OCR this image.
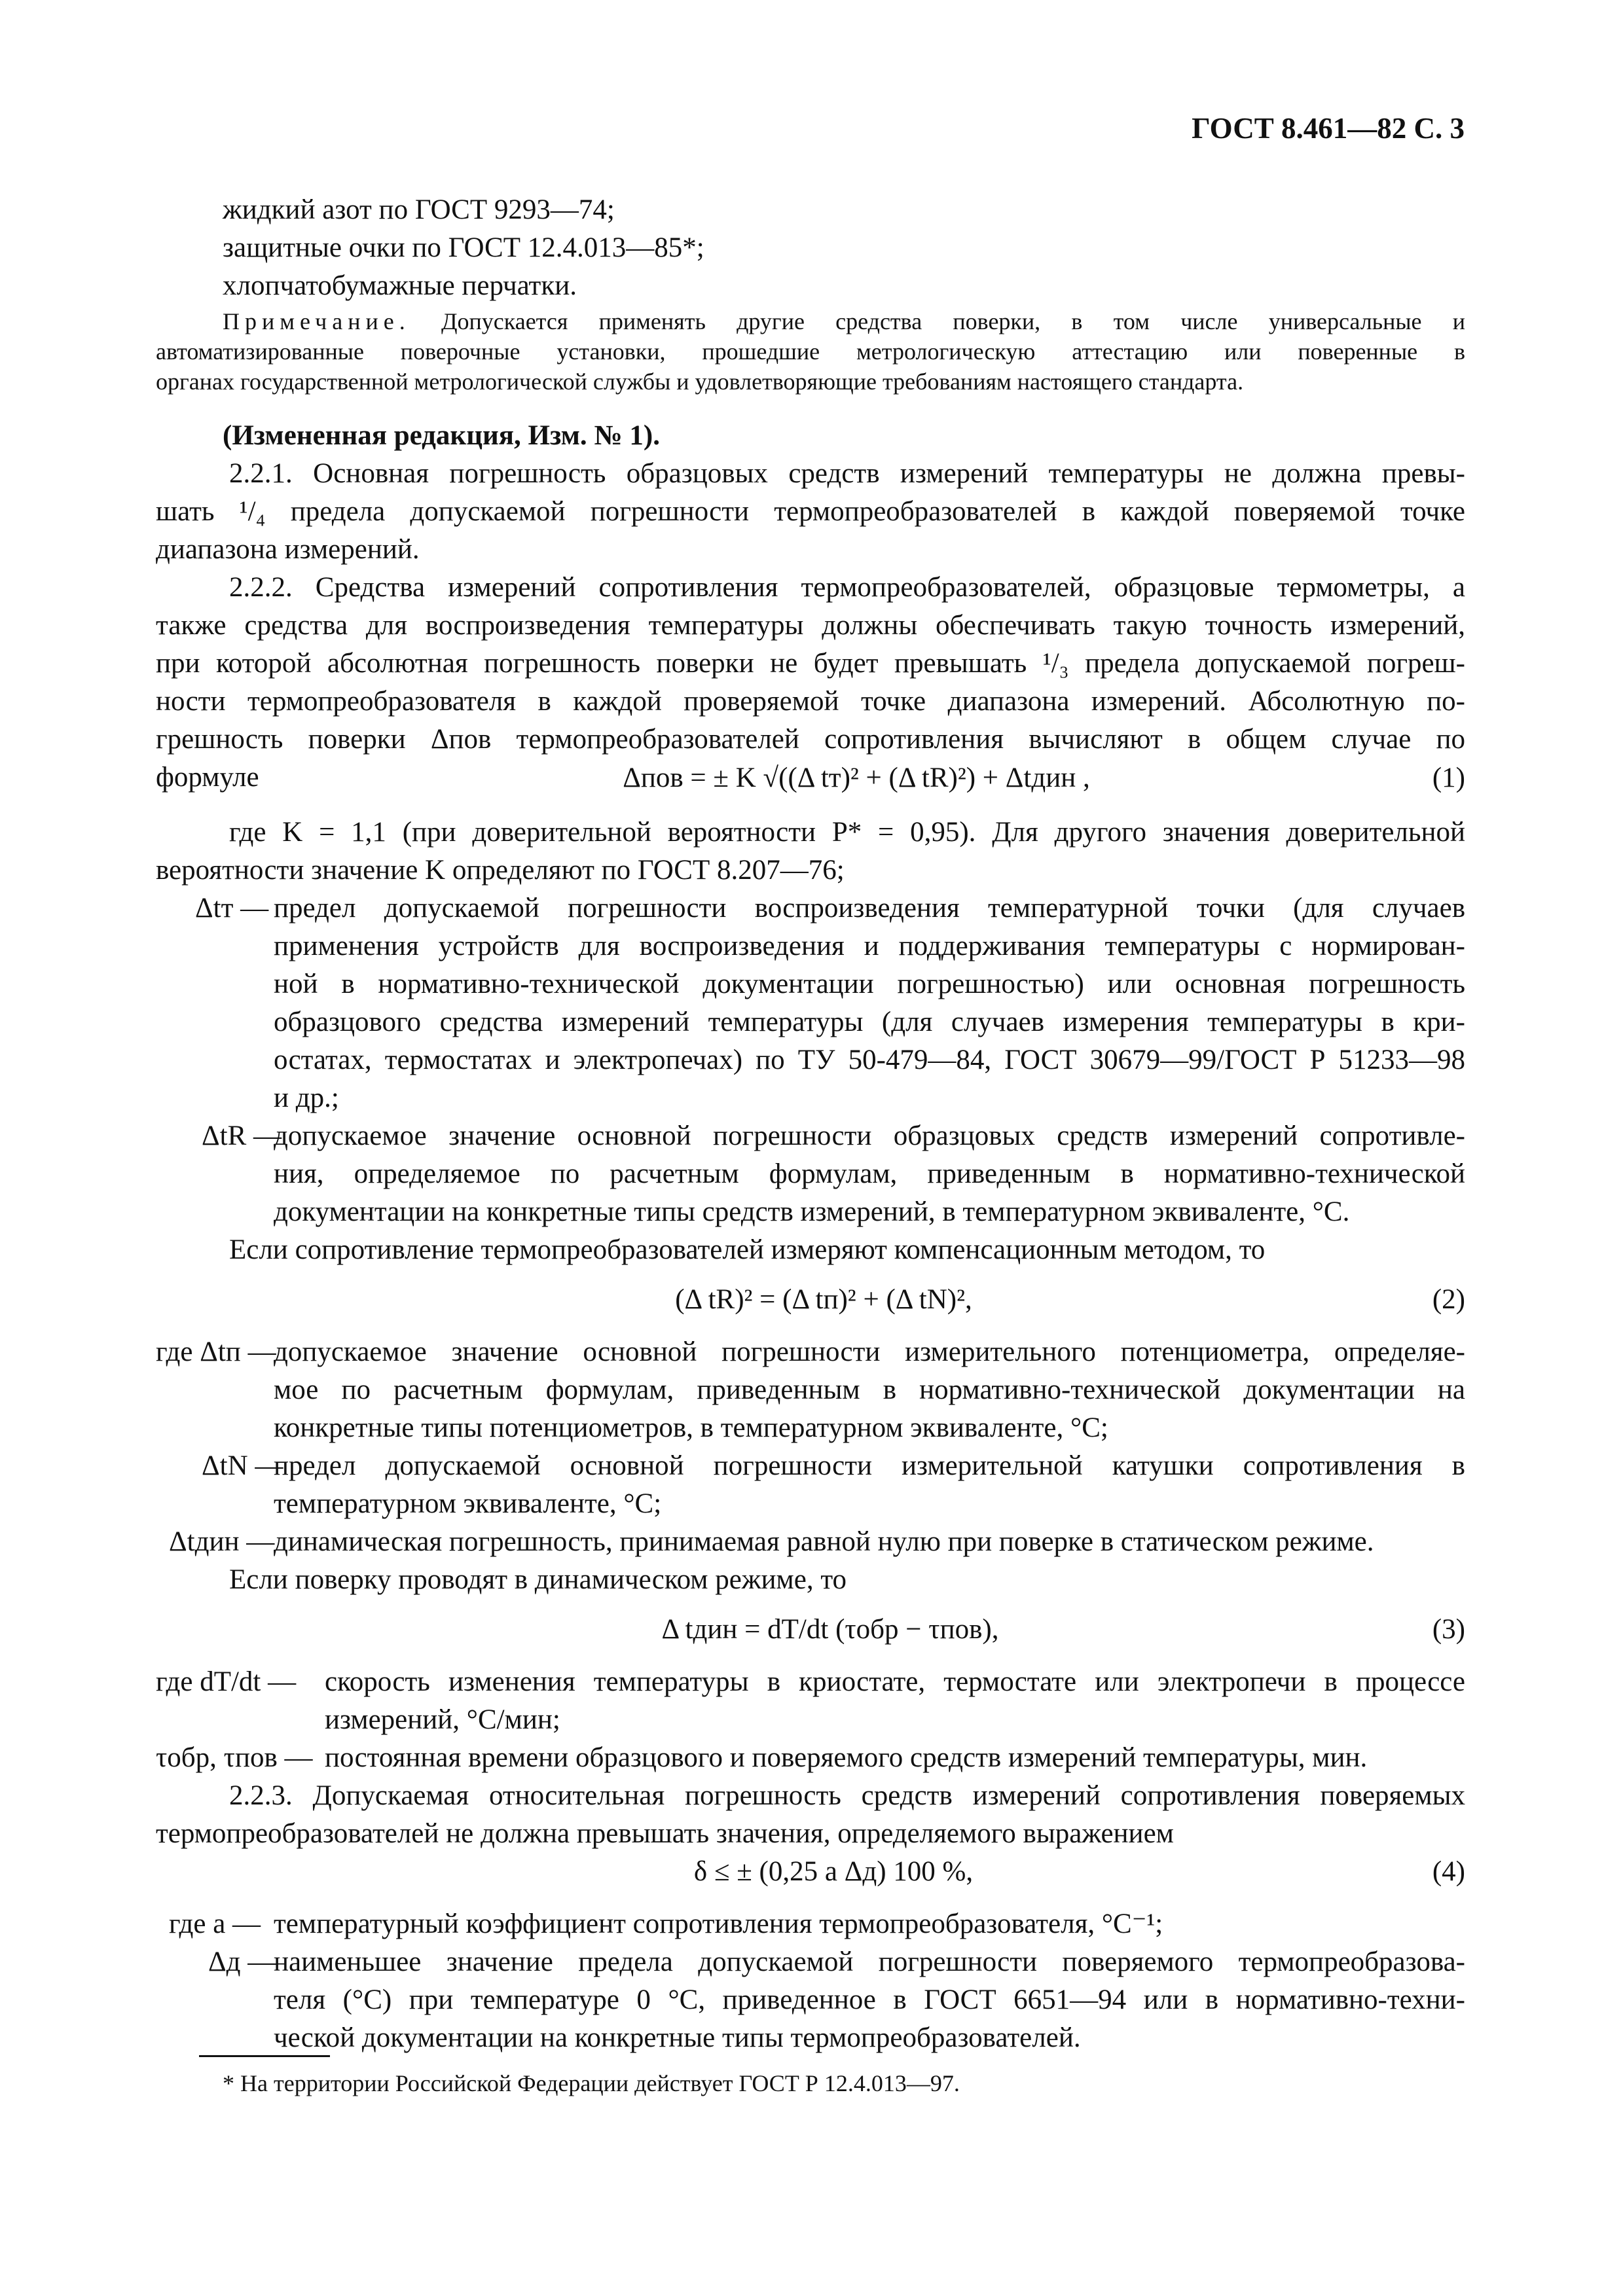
ГОСТ 8.461—82 С. 3

жидкий азот по ГОСТ 9293—74;

защитные очки по ГОСТ 12.4.013—85*;

хлопчатобумажные перчатки.

Примечание. Допускается применять другие средства поверки, в том числе универсальные и

автоматизированные поверочные установки, прошедшие метрологическую аттестацию или поверенные в

органах государственной метрологической службы и удовлетворяющие требованиям настоящего стандарта.

(Измененная редакция, Изм. № 1).

2.2.1. Основная погрешность образцовых средств измерений температуры не должна превы-

шать ¹/₄ предела допускаемой погрешности термопреобразователей в каждой поверяемой точке

диапазона измерений.

2.2.2. Средства измерений сопротивления термопреобразователей, образцовые термометры, а

также средства для воспроизведения температуры должны обеспечивать такую точность измерений,

при которой абсолютная погрешность поверки не будет превышать ¹/₃ предела допускаемой погреш-

ности термопреобразователя в каждой проверяемой точке диапазона измерений. Абсолютную по-

грешность поверки Δпов термопреобразователей сопротивления вычисляют в общем случае по

формуле	Δпов = ± K √((Δ tт)² + (Δ tR)²) + Δtдин ,	(1)

где K = 1,1 (при доверительной вероятности P* = 0,95). Для другого значения доверительной

вероятности значение K определяют по ГОСТ 8.207—76;

Δtт — предел допускаемой погрешности воспроизведения температурной точки (для случаев
применения устройств для воспроизведения и поддерживания температуры с нормирован-
ной в нормативно-технической документации погрешностью) или основная погрешность
образцового средства измерений температуры (для случаев измерения температуры в кри-
остатах, термостатах и электропечах) по ТУ 50-479—84, ГОСТ 30679—99/ГОСТ Р 51233—98
и др.;
ΔtR —
допускаемое значение основной погрешности образцовых средств измерений сопротивле-
ния, определяемое по расчетным формулам, приведенным в нормативно-технической
документации на конкретные типы средств измерений, в температурном эквиваленте, °C.

Если сопротивление термопреобразователей измеряют компенсационным методом, то

(Δ tR)² = (Δ tп)² + (Δ tN)²,	(2)
где Δtп —
допускаемое значение основной погрешности измерительного потенциометра, определяе-
мое по расчетным формулам, приведенным в нормативно-технической документации на
конкретные типы потенциометров, в температурном эквиваленте, °C;
ΔtN —
предел допускаемой основной погрешности измерительной катушки сопротивления в
температурном эквиваленте, °C;
Δtдин —
динамическая погрешность, принимаемая равной нулю при поверке в статическом режиме.

Если поверку проводят в динамическом режиме, то

Δ tдин = dT/dt (τобр − τпов),	(3)
где dT/dt —	скорость изменения температуры в криостате, термостате или электропечи в процессе
измерений, °C/мин;
τобр, τпов — постоянная времени образцового и поверяемого средств измерений температуры, мин.

2.2.3. Допускаемая относительная погрешность средств измерений сопротивления поверяемых

термопреобразователей не должна превышать значения, определяемого выражением

δ ≤ ± (0,25 a Δд) 100 %,	(4)
где a — температурный коэффициент сопротивления термопреобразователя, °C⁻¹;
Δд —
наименьшее значение предела допускаемой погрешности поверяемого термопреобразова-
теля (°C) при температуре 0 °C, приведенное в ГОСТ 6651—94 или в нормативно-техни-
ческой документации на конкретные типы термопреобразователей.
* На территории Российской Федерации действует ГОСТ Р 12.4.013—97.
